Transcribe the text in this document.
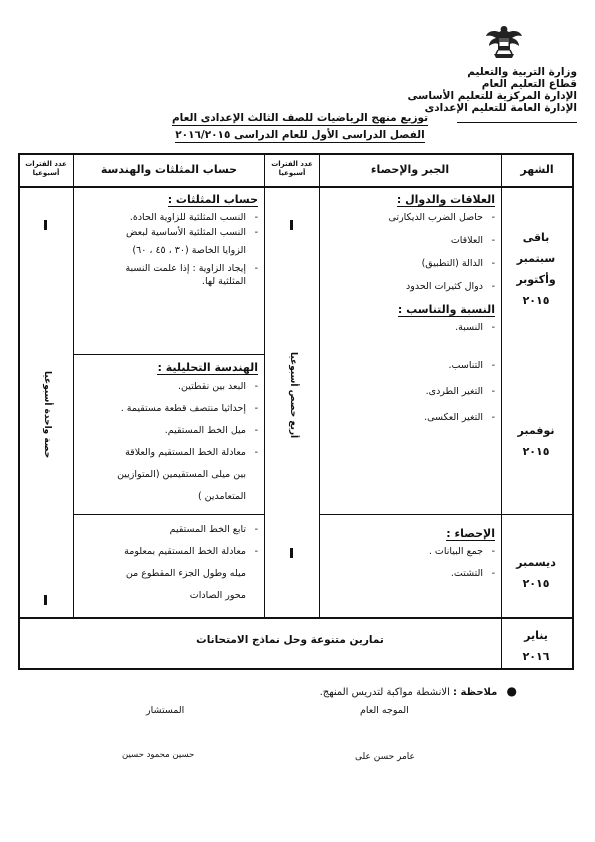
وزارة التربية والتعليم
قطاع التعليم العام
الإدارة المركزية للتعليم الأساسى
الإدارة العامة للتعليم الإعدادى
توزيع منهج الرياضيات للصف الثالث الإعدادى العام
الفصل الدراسى الأول للعام الدراسى ٢٠١٦/٢٠١٥
الشهر
الجبر والإحصاء
عدد الفترات أسبوعيا
حساب المثلثات والهندسة
عدد الفترات أسبوعيا
باقى
سبتمبر
وأكتوبر
٢٠١٥
نوفمبر
٢٠١٥
ديسمبر
٢٠١٥
يناير
٢٠١٦
العلاقات والدوال :
- حاصل الضرب الديكارتى
- العلاقات
- الدالة (التطبيق)
- دوال كثيرات الحدود
النسبة والتناسب :
- النسبة.
- التناسب.
- التغير الطردى.
- التغير العكسى.
الإحصاء :
- جمع البيانات .
- التشتت.
أربع حصص أسبوعيا
حساب المثلثات :
- النسب المثلثية للزاوية الحادة.
- النسب المثلثية الأساسية لبعض
الزوايا الخاصة (٣٠ ، ٤٥ ، ٦٠)
- إيجاد الزاوية : إذا علمت النسبة
المثلثية لها.
الهندسة التحليلية :
- البعد بين نقطتين.
- إحداثيا منتصف قطعة مستقيمة .
- ميل الخط المستقيم.
- معادلة الخط المستقيم والعلاقة
بين ميلى المستقيمين (المتوازيين
المتعامدين )
- تابع الخط المستقيم
- معادلة الخط المستقيم بمعلومة
ميله وطول الجزء المقطوع من
محور الصادات
حصة واحدة أسبوعيا
تمارين متنوعة وحل نماذج الامتحانات
● ملاحظة : الانشطة مواكبة لتدريس المنهج.
الموجه العام
المستشار
عامر حسن على
حسين محمود حسين
